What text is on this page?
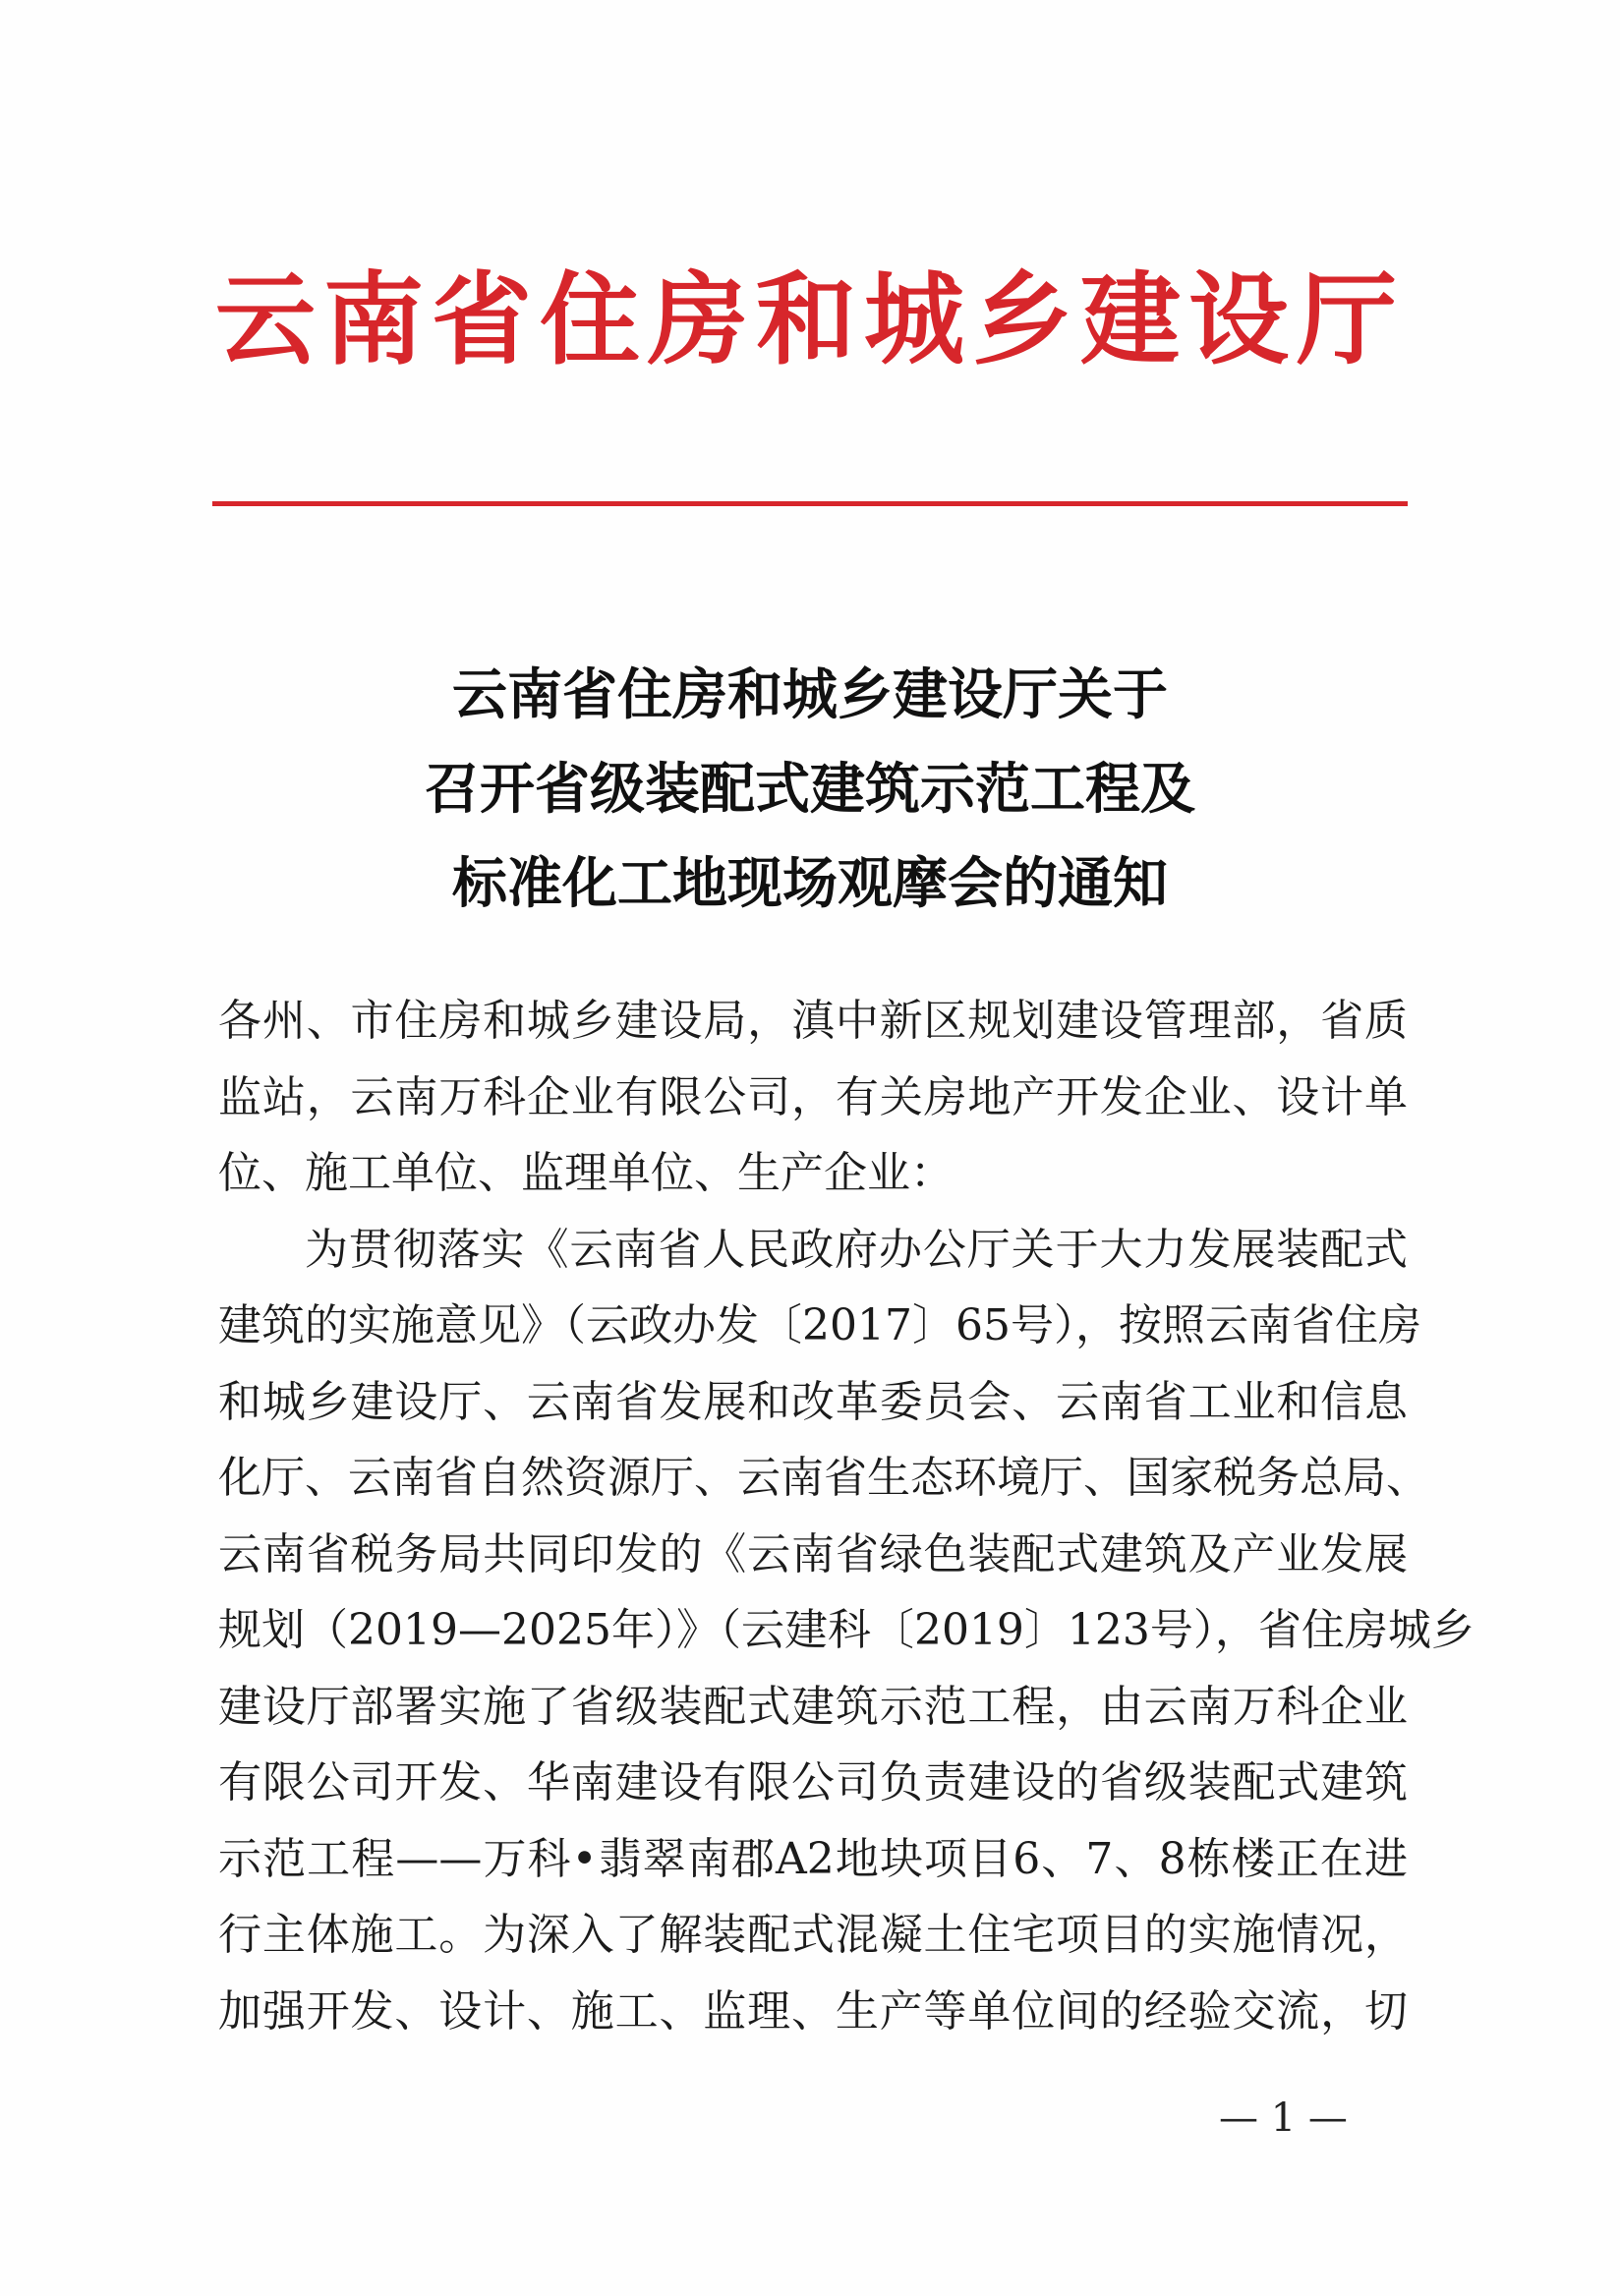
云南省住房和城乡建设厅
云南省住房和城乡建设厅关于
召开省级装配式建筑示范工程及
标准化工地现场观摩会的通知
各州、市住房和城乡建设局，滇中新区规划建设管理部，省质
监站，云南万科企业有限公司，有关房地产开发企业、设计单
位、施工单位、监理单位、生产企业：
为贯彻落实《云南省人民政府办公厅关于大力发展装配式
建筑的实施意见》（云政办发〔2017〕65号），按照云南省住房
和城乡建设厅、云南省发展和改革委员会、云南省工业和信息
化厅、云南省自然资源厅、云南省生态环境厅、国家税务总局、
云南省税务局共同印发的《云南省绿色装配式建筑及产业发展
规划（2019—2025年）》（云建科〔2019〕123号），省住房城乡
建设厅部署实施了省级装配式建筑示范工程，由云南万科企业
有限公司开发、华南建设有限公司负责建设的省级装配式建筑
示范工程——万科•翡翠南郡A2地块项目6、7、8栋楼正在进
行主体施工。为深入了解装配式混凝土住宅项目的实施情况，
加强开发、设计、施工、监理、生产等单位间的经验交流，切
— 1 —
